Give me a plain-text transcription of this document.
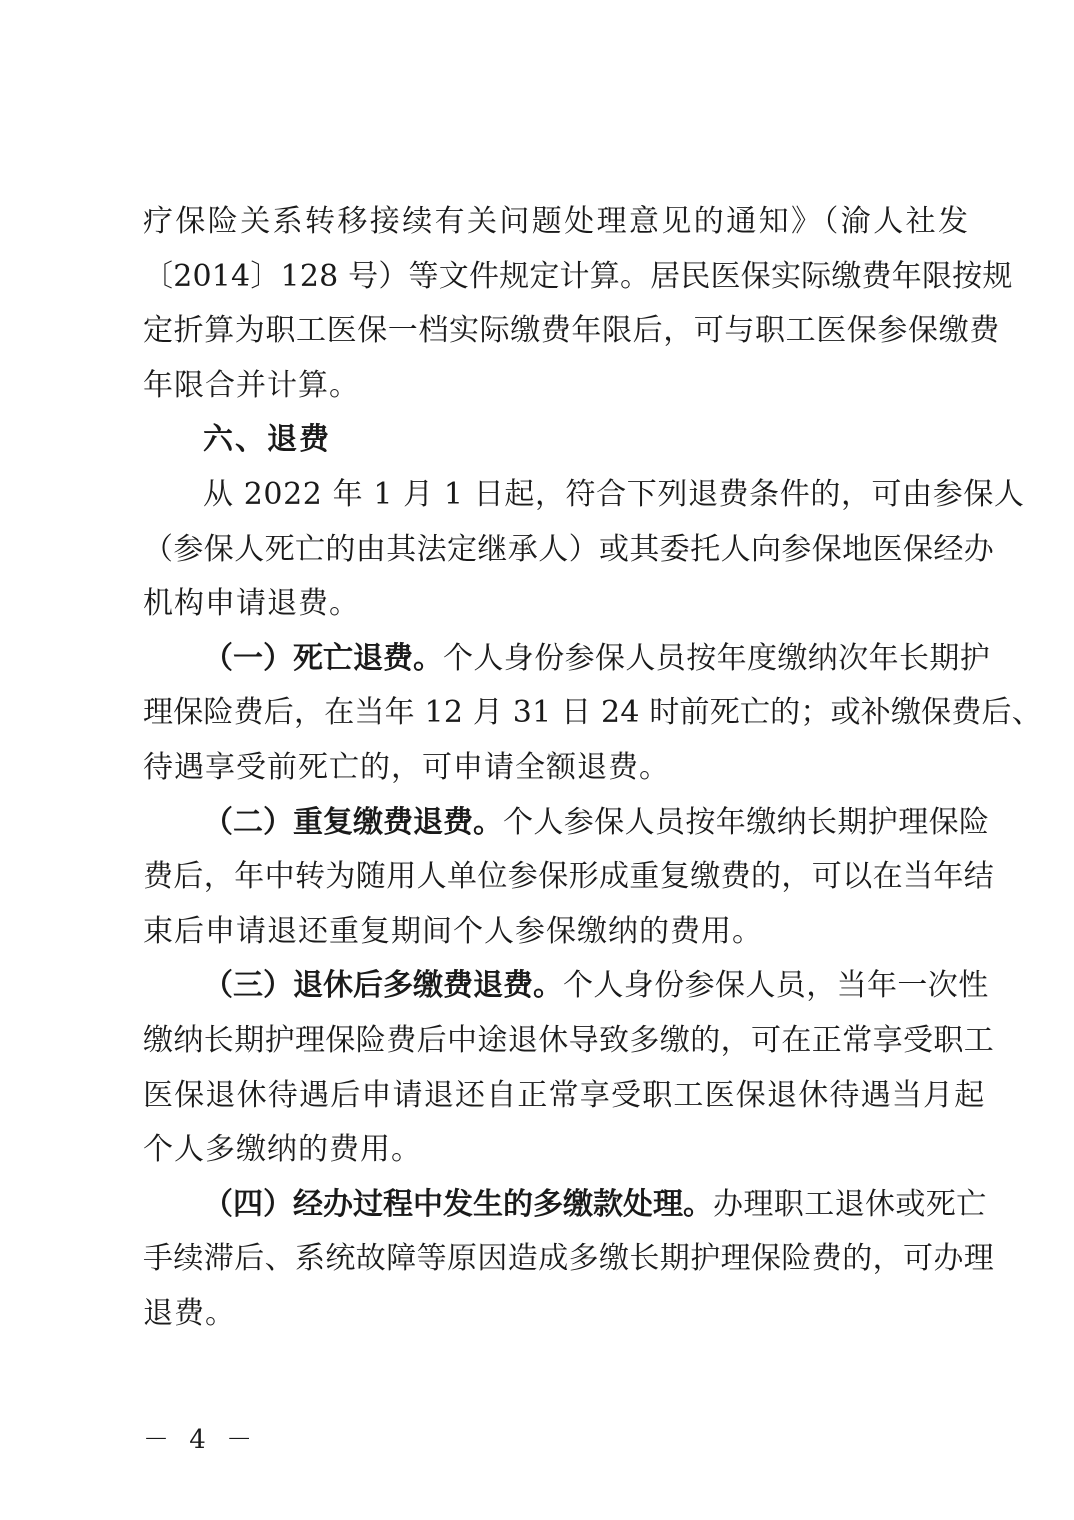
疗保险关系转移接续有关问题处理意见的通知》（渝人社发
〔2014〕128 号）等文件规定计算。居民医保实际缴费年限按规
定折算为职工医保一档实际缴费年限后，可与职工医保参保缴费
年限合并计算。
六、退费
从 2022 年 1 月 1 日起，符合下列退费条件的，可由参保人
（参保人死亡的由其法定继承人）或其委托人向参保地医保经办
机构申请退费。
（一）死亡退费。个人身份参保人员按年度缴纳次年长期护
理保险费后，在当年 12 月 31 日 24 时前死亡的；或补缴保费后、
待遇享受前死亡的，可申请全额退费。
（二）重复缴费退费。个人参保人员按年缴纳长期护理保险
费后，年中转为随用人单位参保形成重复缴费的，可以在当年结
束后申请退还重复期间个人参保缴纳的费用。
（三）退休后多缴费退费。个人身份参保人员，当年一次性
缴纳长期护理保险费后中途退休导致多缴的，可在正常享受职工
医保退休待遇后申请退还自正常享受职工医保退休待遇当月起
个人多缴纳的费用。
（四）经办过程中发生的多缴款处理。办理职工退休或死亡
手续滞后、系统故障等原因造成多缴长期护理保险费的，可办理
退费。
－ 4 －
